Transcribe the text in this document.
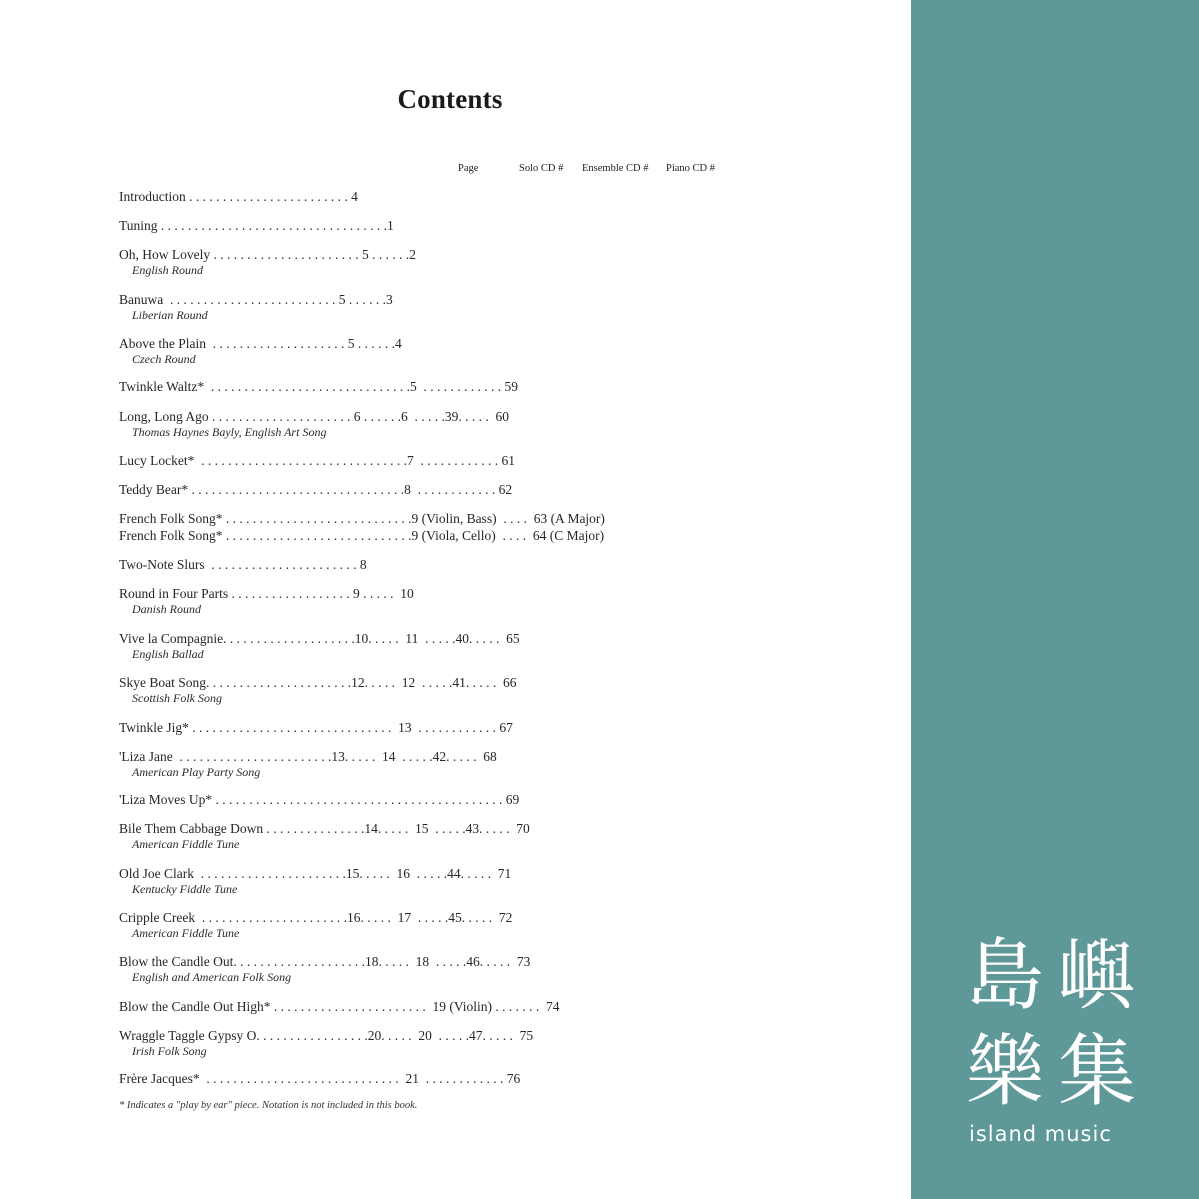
Contents
Page	Solo CD # Ensemble CD # Piano CD #
Introduction . . . . . . . . . . . . . . . . . . . . . . . . 4
Tuning . . . . . . . . . . . . . . . . . . . . . . . . . . . . . . . . . .1
Oh, How Lovely . . . . . . . . . . . . . . . . . . . . . . 5 . . . . . .2
English Round
Banuwa  . . . . . . . . . . . . . . . . . . . . . . . . . 5 . . . . . .3
Liberian Round
Above the Plain  . . . . . . . . . . . . . . . . . . . . 5 . . . . . .4
Czech Round
Twinkle Waltz*  . . . . . . . . . . . . . . . . . . . . . . . . . . . . . .5  . . . . . . . . . . . . 59
Long, Long Ago . . . . . . . . . . . . . . . . . . . . . 6 . . . . . .6  . . . . .39. . . . .  60
Thomas Haynes Bayly, English Art Song
Lucy Locket*  . . . . . . . . . . . . . . . . . . . . . . . . . . . . . . .7  . . . . . . . . . . . . 61
Teddy Bear* . . . . . . . . . . . . . . . . . . . . . . . . . . . . . . . .8  . . . . . . . . . . . . 62
French Folk Song* . . . . . . . . . . . . . . . . . . . . . . . . . . . .9 (Violin, Bass)  . . . .  63 (A Major)
French Folk Song* . . . . . . . . . . . . . . . . . . . . . . . . . . . .9 (Viola, Cello)  . . . .  64 (C Major)
Two-Note Slurs  . . . . . . . . . . . . . . . . . . . . . . 8
Round in Four Parts . . . . . . . . . . . . . . . . . . 9 . . . . .  10
Danish Round
Vive la Compagnie. . . . . . . . . . . . . . . . . . . .10. . . . .  11  . . . . .40. . . . .  65
English Ballad
Skye Boat Song. . . . . . . . . . . . . . . . . . . . . .12. . . . .  12  . . . . .41. . . . .  66
Scottish Folk Song
Twinkle Jig* . . . . . . . . . . . . . . . . . . . . . . . . . . . . . .  13  . . . . . . . . . . . . 67
'Liza Jane  . . . . . . . . . . . . . . . . . . . . . . .13. . . . .  14  . . . . .42. . . . .  68
American Play Party Song
'Liza Moves Up* . . . . . . . . . . . . . . . . . . . . . . . . . . . . . . . . . . . . . . . . . . . 69
Bile Them Cabbage Down . . . . . . . . . . . . . . .14. . . . .  15  . . . . .43. . . . .  70
American Fiddle Tune
Old Joe Clark  . . . . . . . . . . . . . . . . . . . . . .15. . . . .  16  . . . . .44. . . . .  71
Kentucky Fiddle Tune
Cripple Creek  . . . . . . . . . . . . . . . . . . . . . .16. . . . .  17  . . . . .45. . . . .  72
American Fiddle Tune
Blow the Candle Out. . . . . . . . . . . . . . . . . . . .18. . . . .  18  . . . . .46. . . . .  73
English and American Folk Song
Blow the Candle Out High* . . . . . . . . . . . . . . . . . . . . . . .  19 (Violin) . . . . . . .  74
Wraggle Taggle Gypsy O. . . . . . . . . . . . . . . . .20. . . . .  20  . . . . .47. . . . .  75
Irish Folk Song
Frère Jacques*  . . . . . . . . . . . . . . . . . . . . . . . . . . . . .  21  . . . . . . . . . . . . 76
* Indicates a "play by ear" piece. Notation is not included in this book.
島 嶼
樂 集
island music
